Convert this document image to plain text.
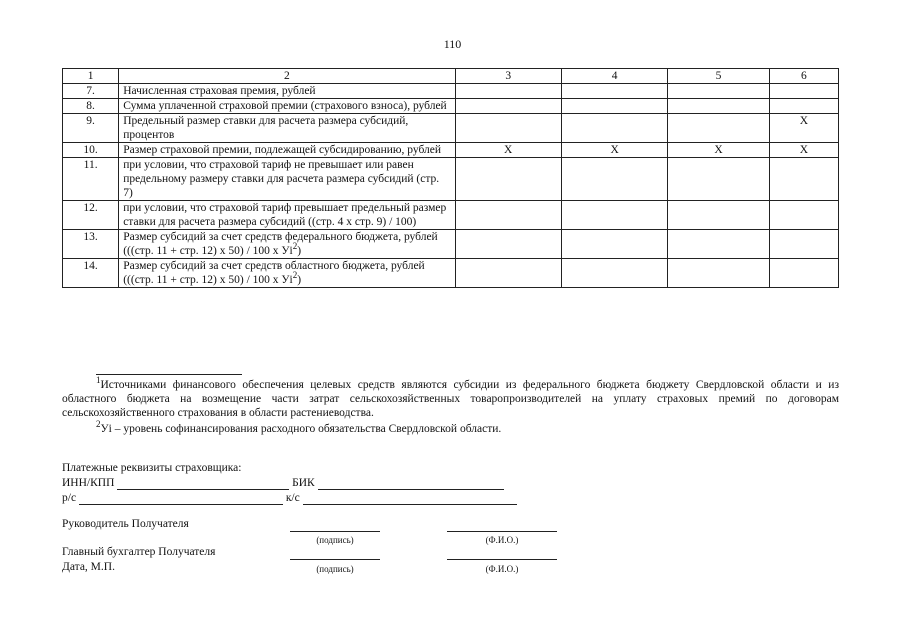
110
1	2	3	4	5	6
7.	Начисленная страховая премия, рублей				
8.	Сумма уплаченной страховой премии (страхового взноса), рублей				
9.	Предельный размер ставки для расчета размера субсидий, процентов				Х
10.	Размер страховой премии, подлежащей субсидированию, рублей	Х	Х	Х	Х
11.	при условии, что страховой тариф не превышает или равен предельному размеру ставки для расчета размера субсидий (стр. 7)				
12.	при условии, что страховой тариф превышает предельный размер ставки для расчета размера субсидий ((стр. 4 х стр. 9) / 100)				
13.	Размер субсидий за счет средств федерального бюджета, рублей (((стр. 11 + стр. 12) х 50) / 100 х $Уi^2$)				
14.	Размер субсидий за счет средств областного бюджета, рублей (((стр. 11 + стр. 12) х 50) / 100 х $Уi^2$)				

$^1$Источниками финансового обеспечения целевых средств являются субсидии из федерального бюджета бюджету Свердловской области и из областного бюджета на возмещение части затрат сельскохозяйственных товаропроизводителей на уплату страховых премий по договорам сельскохозяйственного страхования в области растениеводства.

$^2$Уi – уровень софинансирования расходного обязательства Свердловской области.

Платежные реквизиты страховщика:
ИНН/КПП

	БИК

р/с

	к/с

Руководитель Получателя
(подпись)	(Ф.И.О.)
Главный бухгалтер Получателя
Дата, М.П.	(подпись)	(Ф.И.О.)
